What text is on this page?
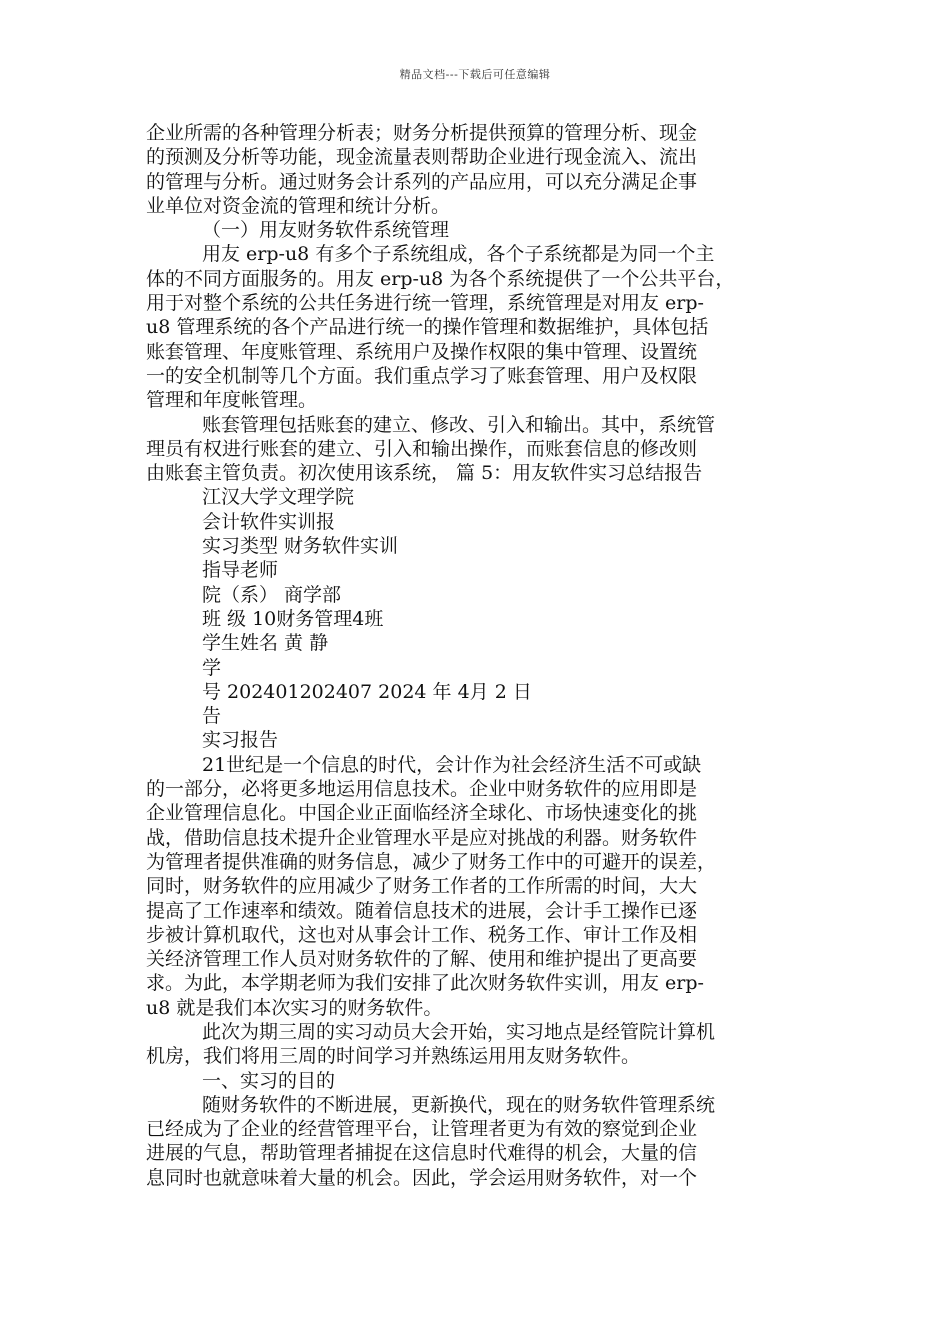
精品文档---下载后可任意编辑
企业所需的各种管理分析表；财务分析提供预算的管理分析、现金
的预测及分析等功能，现金流量表则帮助企业进行现金流入、流出
的管理与分析。通过财务会计系列的产品应用，可以充分满足企事
业单位对资金流的管理和统计分析。
（一）用友财务软件系统管理
用友 erp-u8 有多个子系统组成，各个子系统都是为同一个主
体的不同方面服务的。用友 erp-u8 为各个系统提供了一个公共平台，
用于对整个系统的公共任务进行统一管理，系统管理是对用友 erp-
u8 管理系统的各个产品进行统一的操作管理和数据维护，具体包括
账套管理、年度账管理、系统用户及操作权限的集中管理、设置统
一的安全机制等几个方面。我们重点学习了账套管理、用户及权限
管理和年度帐管理。
账套管理包括账套的建立、修改、引入和输出。其中，系统管
理员有权进行账套的建立、引入和输出操作，而账套信息的修改则
由账套主管负责。初次使用该系统， 篇 5：用友软件实习总结报告
江汉大学文理学院
会计软件实训报
实习类型 财务软件实训
指导老师
院（系） 商学部
班 级 10财务管理4班
学生姓名 黄 静
学
号 202401202407 2024 年 4月 2 日
告
实习报告
21世纪是一个信息的时代，会计作为社会经济生活不可或缺
的一部分，必将更多地运用信息技术。企业中财务软件的应用即是
企业管理信息化。中国企业正面临经济全球化、市场快速变化的挑
战，借助信息技术提升企业管理水平是应对挑战的利器。财务软件
为管理者提供准确的财务信息，减少了财务工作中的可避开的误差，
同时，财务软件的应用减少了财务工作者的工作所需的时间，大大
提高了工作速率和绩效。随着信息技术的进展，会计手工操作已逐
步被计算机取代，这也对从事会计工作、税务工作、审计工作及相
关经济管理工作人员对财务软件的了解、使用和维护提出了更高要
求。为此，本学期老师为我们安排了此次财务软件实训，用友 erp-
u8 就是我们本次实习的财务软件。
此次为期三周的实习动员大会开始，实习地点是经管院计算机
机房，我们将用三周的时间学习并熟练运用用友财务软件。
一、实习的目的
随财务软件的不断进展，更新换代，现在的财务软件管理系统
已经成为了企业的经营管理平台，让管理者更为有效的察觉到企业
进展的气息，帮助管理者捕捉在这信息时代难得的机会，大量的信
息同时也就意味着大量的机会。因此，学会运用财务软件，对一个
